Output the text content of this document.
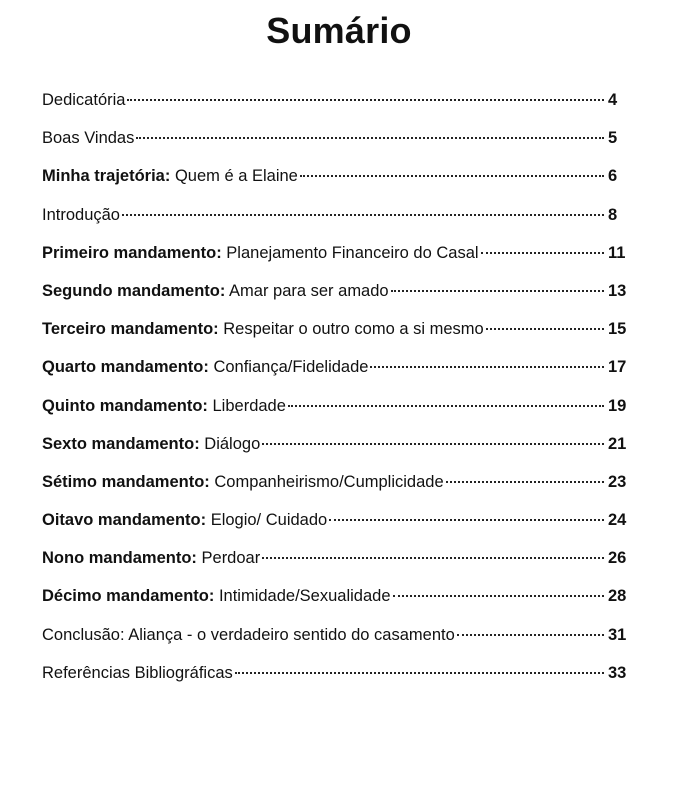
Sumário
Dedicatória	4
Boas Vindas	5
Minha trajetória: Quem é a Elaine	6
Introdução	8
Primeiro mandamento: Planejamento Financeiro do Casal	11
Segundo mandamento: Amar para ser amado	13
Terceiro mandamento: Respeitar o outro como a si mesmo	15
Quarto mandamento: Confiança/Fidelidade	17
Quinto mandamento: Liberdade	19
Sexto mandamento: Diálogo	21
Sétimo mandamento: Companheirismo/Cumplicidade	23
Oitavo mandamento: Elogio/ Cuidado	24
Nono mandamento: Perdoar	26
Décimo mandamento: Intimidade/Sexualidade	28
Conclusão: Aliança - o verdadeiro sentido do casamento	31
Referências Bibliográficas	33
